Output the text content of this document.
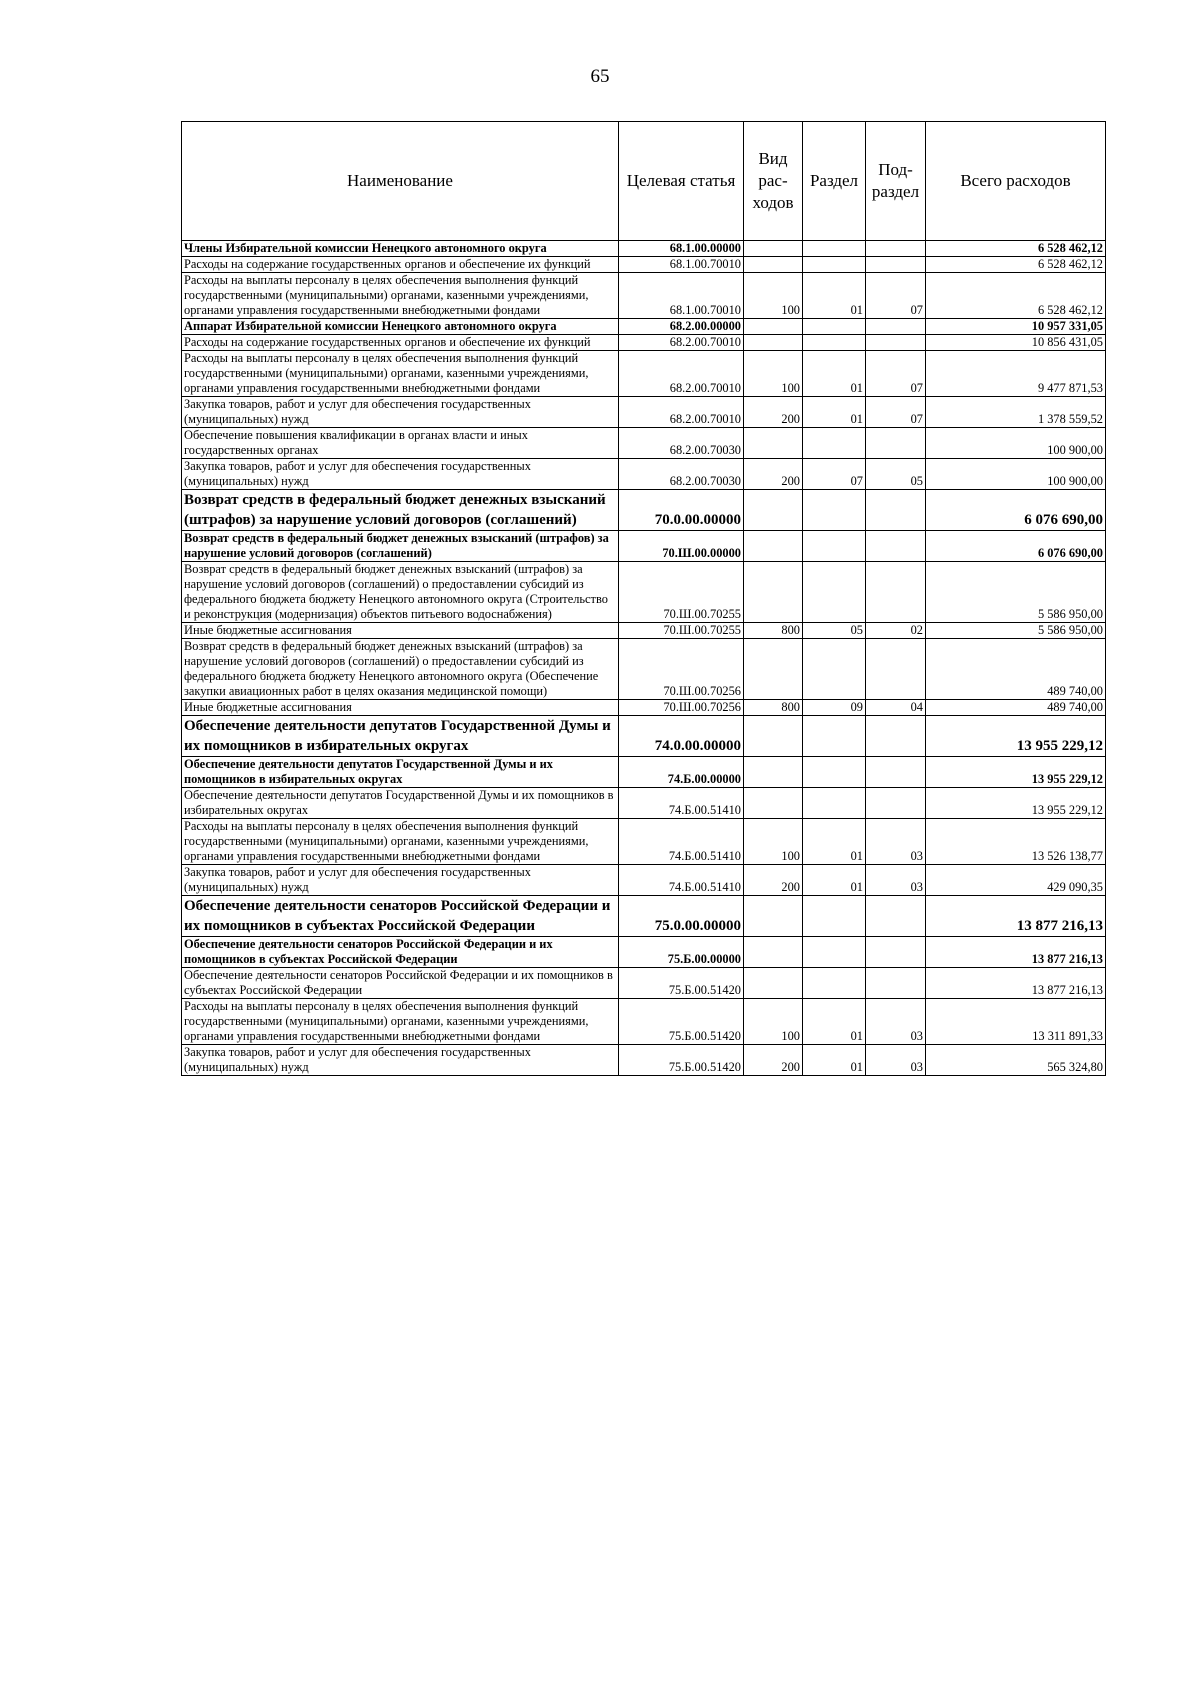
65
Наименование	Целевая статья	Вид рас- ходов	Раздел	Под- раздел	Всего расходов
Члены Избирательной комиссии Ненецкого автономного округа	68.1.00.00000				6 528 462,12
Расходы на содержание государственных органов и обеспечение их функций	68.1.00.70010				6 528 462,12
Расходы на выплаты персоналу в целях обеспечения выполнения функций государственными (муниципальными) органами, казенными учреждениями, органами управления государственными внебюджетными фондами	68.1.00.70010	100	01	07	6 528 462,12
Аппарат Избирательной комиссии Ненецкого автономного округа	68.2.00.00000				10 957 331,05
Расходы на содержание государственных органов и обеспечение их функций	68.2.00.70010				10 856 431,05
Расходы на выплаты персоналу в целях обеспечения выполнения функций государственными (муниципальными) органами, казенными учреждениями, органами управления государственными внебюджетными фондами	68.2.00.70010	100	01	07	9 477 871,53
Закупка товаров, работ и услуг для обеспечения государственных (муниципальных) нужд	68.2.00.70010	200	01	07	1 378 559,52
Обеспечение повышения квалификации в органах власти и иных государственных органах	68.2.00.70030				100 900,00
Закупка товаров, работ и услуг для обеспечения государственных (муниципальных) нужд	68.2.00.70030	200	07	05	100 900,00
Возврат средств в федеральный бюджет денежных взысканий (штрафов) за нарушение условий договоров (соглашений)	70.0.00.00000				6 076 690,00
Возврат средств в федеральный бюджет денежных взысканий (штрафов) за нарушение условий договоров (соглашений)	70.Ш.00.00000				6 076 690,00
Возврат средств в федеральный бюджет денежных взысканий (штрафов) за нарушение условий договоров (соглашений) о предоставлении субсидий из федерального бюджета бюджету Ненецкого автономного округа (Строительство и реконструкция (модернизация) объектов питьевого водоснабжения)	70.Ш.00.70255				5 586 950,00
Иные бюджетные ассигнования	70.Ш.00.70255	800	05	02	5 586 950,00
Возврат средств в федеральный бюджет денежных взысканий (штрафов) за нарушение условий договоров (соглашений) о предоставлении субсидий из федерального бюджета бюджету Ненецкого автономного округа (Обеспечение закупки авиационных работ в целях оказания медицинской помощи)	70.Ш.00.70256				489 740,00
Иные бюджетные ассигнования	70.Ш.00.70256	800	09	04	489 740,00
Обеспечение деятельности депутатов Государственной Думы и их помощников в избирательных округах	74.0.00.00000				13 955 229,12
Обеспечение деятельности депутатов Государственной Думы и их помощников в избирательных округах	74.Б.00.00000				13 955 229,12
Обеспечение деятельности депутатов Государственной Думы и их помощников в избирательных округах	74.Б.00.51410				13 955 229,12
Расходы на выплаты персоналу в целях обеспечения выполнения функций государственными (муниципальными) органами, казенными учреждениями, органами управления государственными внебюджетными фондами	74.Б.00.51410	100	01	03	13 526 138,77
Закупка товаров, работ и услуг для обеспечения государственных (муниципальных) нужд	74.Б.00.51410	200	01	03	429 090,35
Обеспечение деятельности сенаторов Российской Федерации и их помощников в субъектах Российской Федерации	75.0.00.00000				13 877 216,13
Обеспечение деятельности сенаторов Российской Федерации и их помощников в субъектах Российской Федерации	75.Б.00.00000				13 877 216,13
Обеспечение деятельности сенаторов Российской Федерации и их помощников в субъектах Российской Федерации	75.Б.00.51420				13 877 216,13
Расходы на выплаты персоналу в целях обеспечения выполнения функций государственными (муниципальными) органами, казенными учреждениями, органами управления государственными внебюджетными фондами	75.Б.00.51420	100	01	03	13 311 891,33
Закупка товаров, работ и услуг для обеспечения государственных (муниципальных) нужд	75.Б.00.51420	200	01	03	565 324,80
